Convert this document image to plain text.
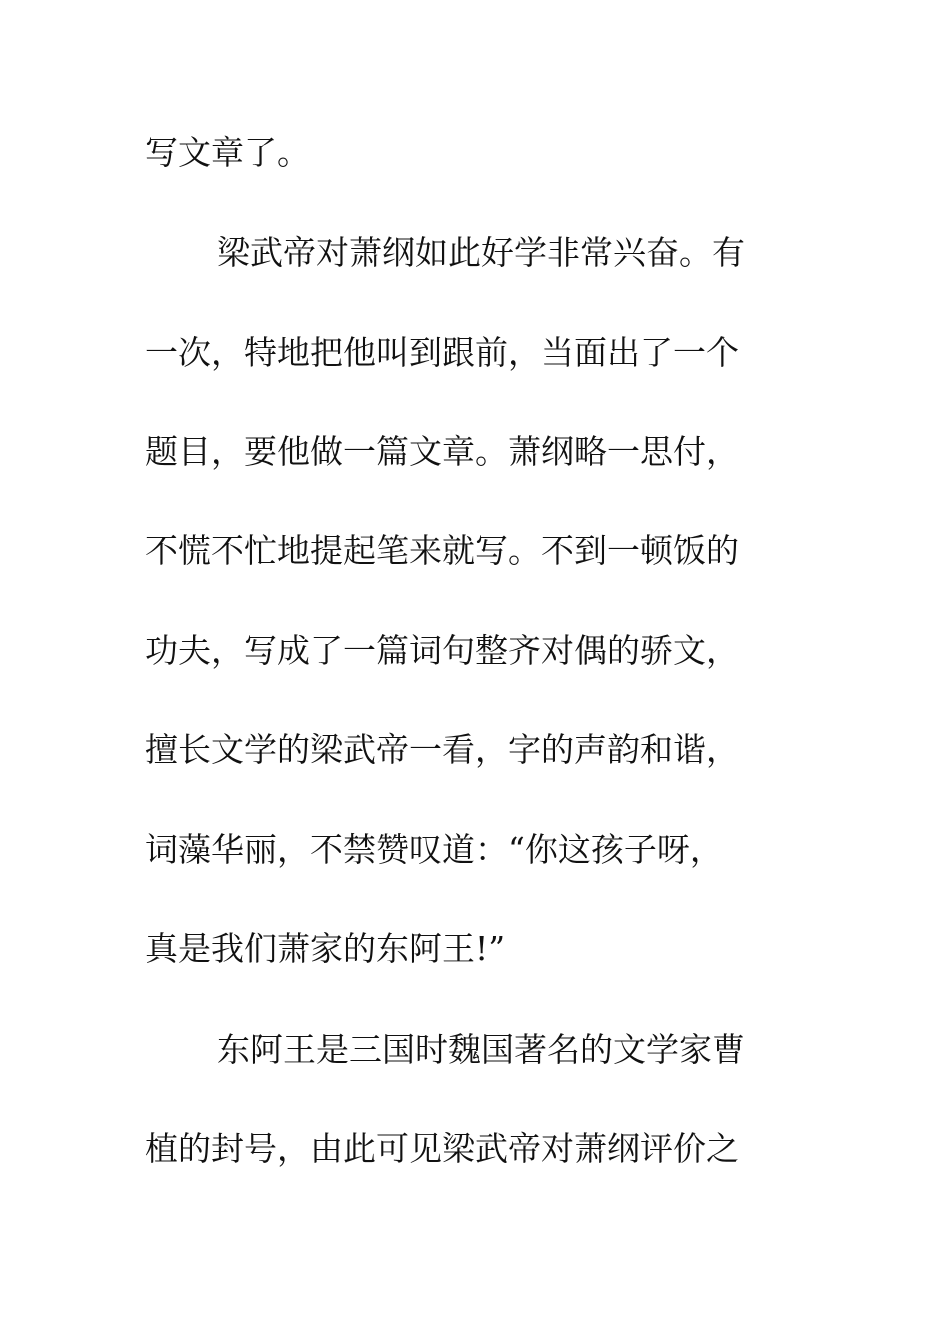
写文章了。
梁武帝对萧纲如此好学非常兴奋。有
一次，特地把他叫到跟前，当面出了一个
题目，要他做一篇文章。萧纲略一思付，
不慌不忙地提起笔来就写。不到一顿饭的
功夫，写成了一篇词句整齐对偶的骄文，
擅长文学的梁武帝一看，字的声韵和谐，
词藻华丽，不禁赞叹道：“你这孩子呀，
真是我们萧家的东阿王!”
东阿王是三国时魏国著名的文学家曹
植的封号，由此可见梁武帝对萧纲评价之
